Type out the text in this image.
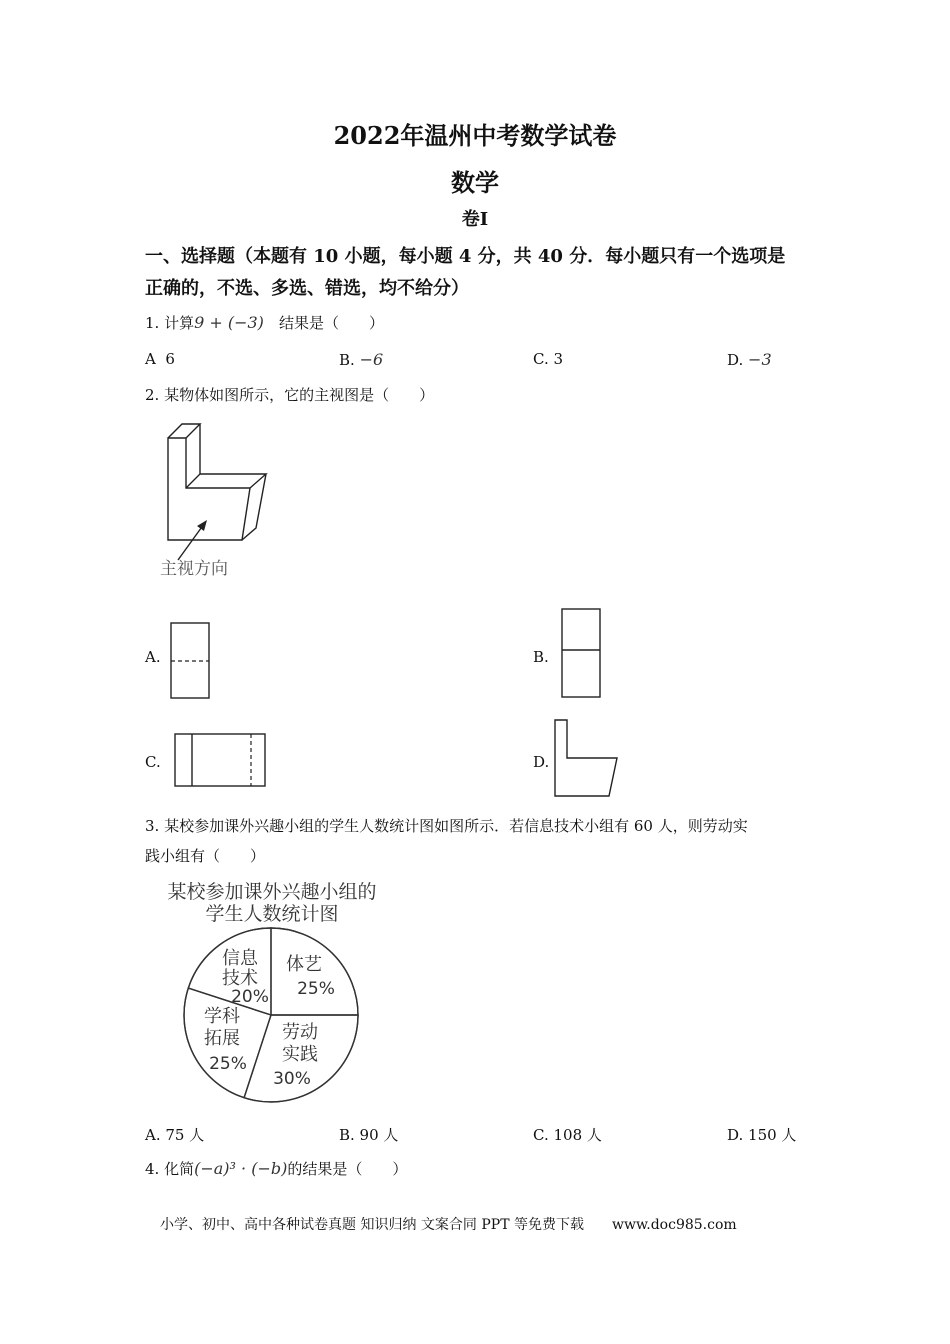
2022年温州中考数学试卷
数学
卷Ⅰ
一、选择题（本题有 10 小题，每小题 4 分，共 40 分．每小题只有一个选项是
正确的，不选、多选、错选，均不给分）
1. 计算9 + (−3)　 结果是（　　）
A 6	B. −6	C. 3	D. −3
2. 某物体如图所示，它的主视图是（　　）
主视方向
A.	B.
C.	D.
3. 某校参加课外兴趣小组的学生人数统计图如图所示．若信息技术小组有 60 人，则劳动实
践小组有（　　）
某校参加课外兴趣小组的
学生人数统计图
信息
技术
20%
体艺
25%
劳动
实践
30%
学科
拓展
25%
A. 75 人	B. 90 人	C. 108 人	D. 150 人
4. 化简(−a)³ · (−b)的结果是（　　）
小学、初中、高中各种试卷真题 知识归纳 文案合同 PPT 等免费下载　　www.doc985.com
